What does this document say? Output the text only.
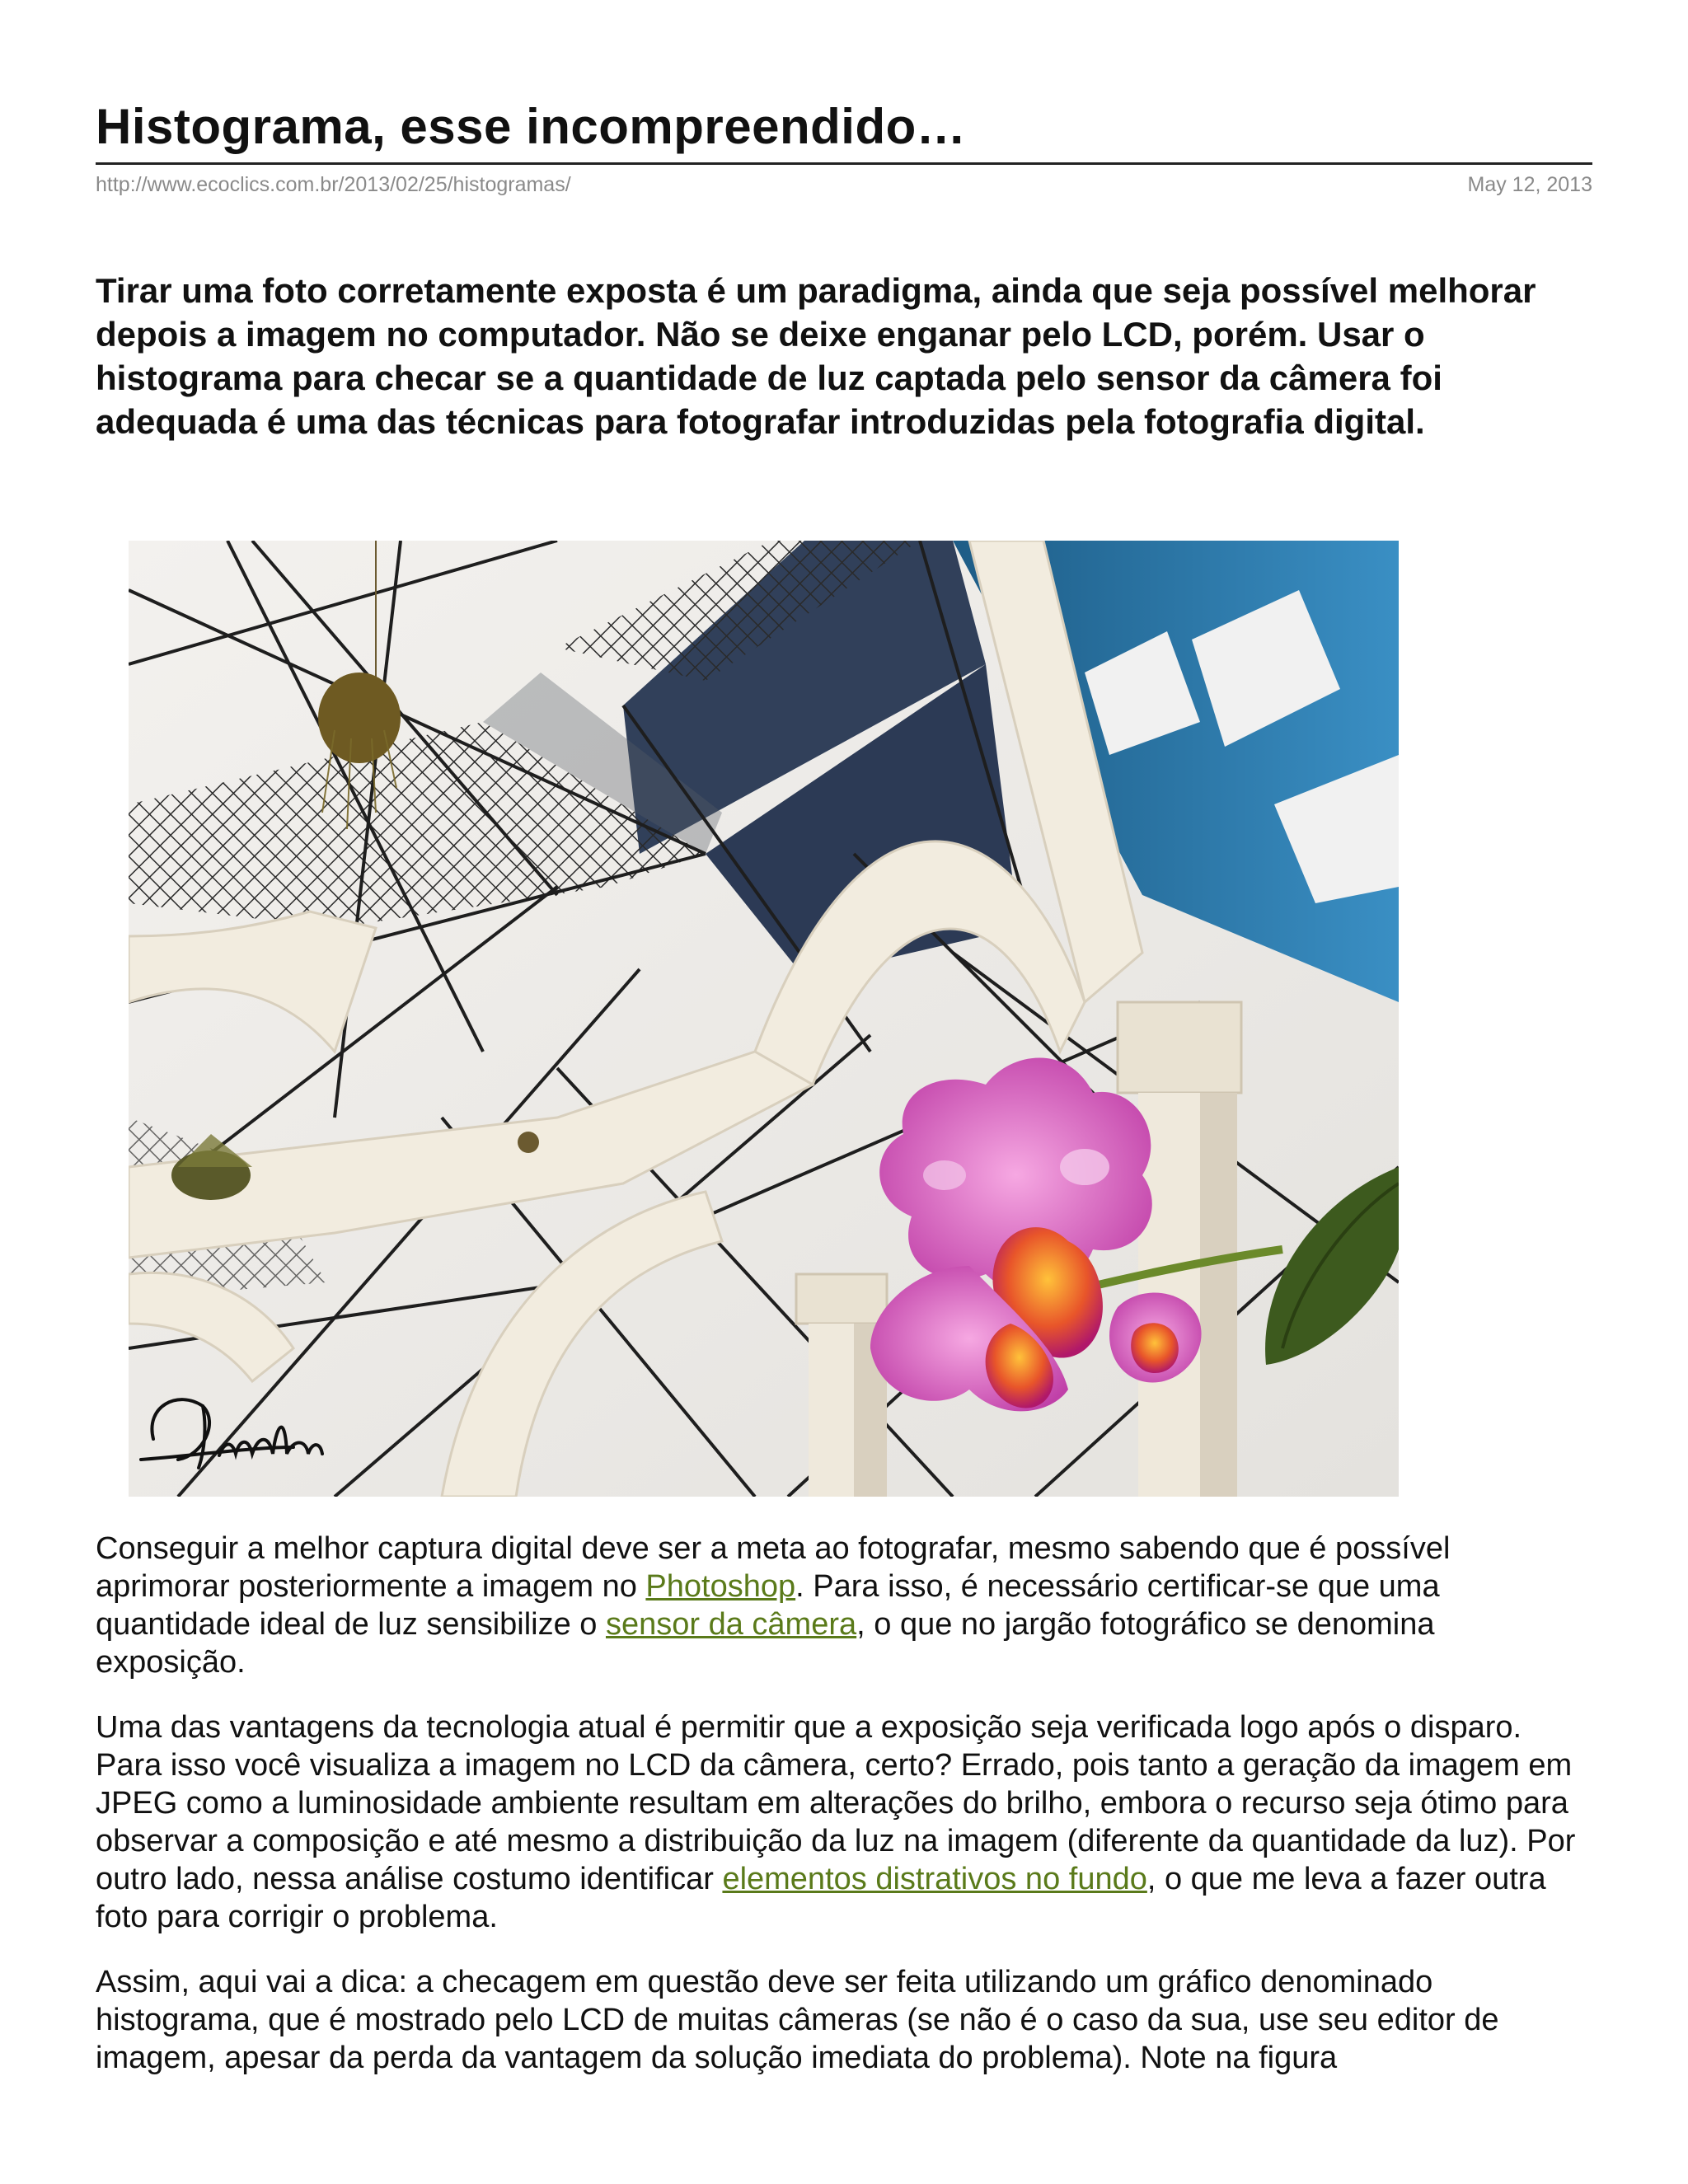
Histograma, esse incompreendido…
http://www.ecoclics.com.br/2013/02/25/histogramas/	May 12, 2013

Tirar uma foto corretamente exposta é um paradigma, ainda que seja possível melhorar depois a imagem no computador. Não se deixe enganar pelo LCD, porém. Usar o histograma para checar se a quantidade de luz captada pelo sensor da câmera foi adequada é uma das técnicas para fotografar introduzidas pela fotografia digital.

Conseguir a melhor captura digital deve ser a meta ao fotografar, mesmo sabendo que é possível aprimorar posteriormente a imagem no Photoshop. Para isso, é necessário certificar-se que uma quantidade ideal de luz sensibilize o sensor da câmera, o que no jargão fotográfico se denomina exposição.

Uma das vantagens da tecnologia atual é permitir que a exposição seja verificada logo após o disparo. Para isso você visualiza a imagem no LCD da câmera, certo? Errado, pois tanto a geração da imagem em JPEG como a luminosidade ambiente resultam em alterações do brilho, embora o recurso seja ótimo para observar a composição e até mesmo a distribuição da luz na imagem (diferente da quantidade da luz). Por outro lado, nessa análise costumo identificar elementos distrativos no fundo, o que me leva a fazer outra foto para corrigir o problema.

Assim, aqui vai a dica: a checagem em questão deve ser feita utilizando um gráfico denominado histograma, que é mostrado pelo LCD de muitas câmeras (se não é o caso da sua, use seu editor de imagem, apesar da perda da vantagem da solução imediata do problema). Note na figura
